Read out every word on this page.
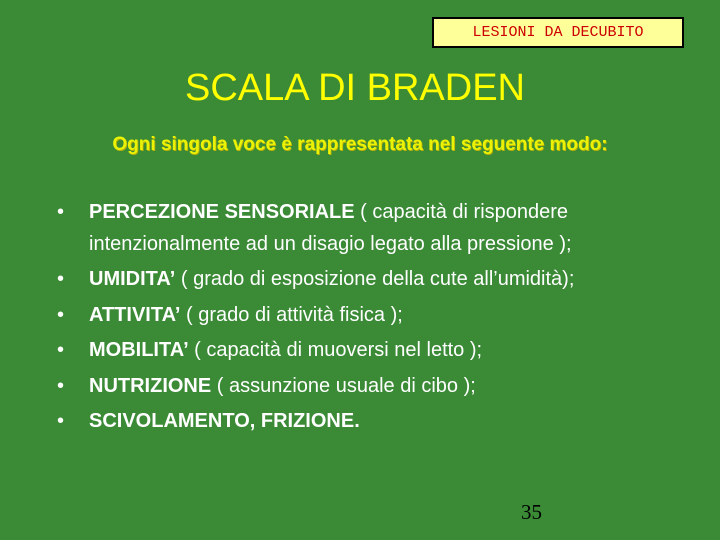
LESIONI DA DECUBITO
SCALA DI BRADEN
Ogni singola voce è rappresentata nel seguente modo:
• PERCEZIONE SENSORIALE ( capacità di rispondere intenzionalmente ad un disagio legato alla pressione );
• UMIDITA’ ( grado di esposizione della cute all’umidità);
• ATTIVITA’ ( grado di attività fisica );
• MOBILITA’ ( capacità di muoversi nel letto );
• NUTRIZIONE ( assunzione usuale di cibo );
• SCIVOLAMENTO, FRIZIONE.
35
